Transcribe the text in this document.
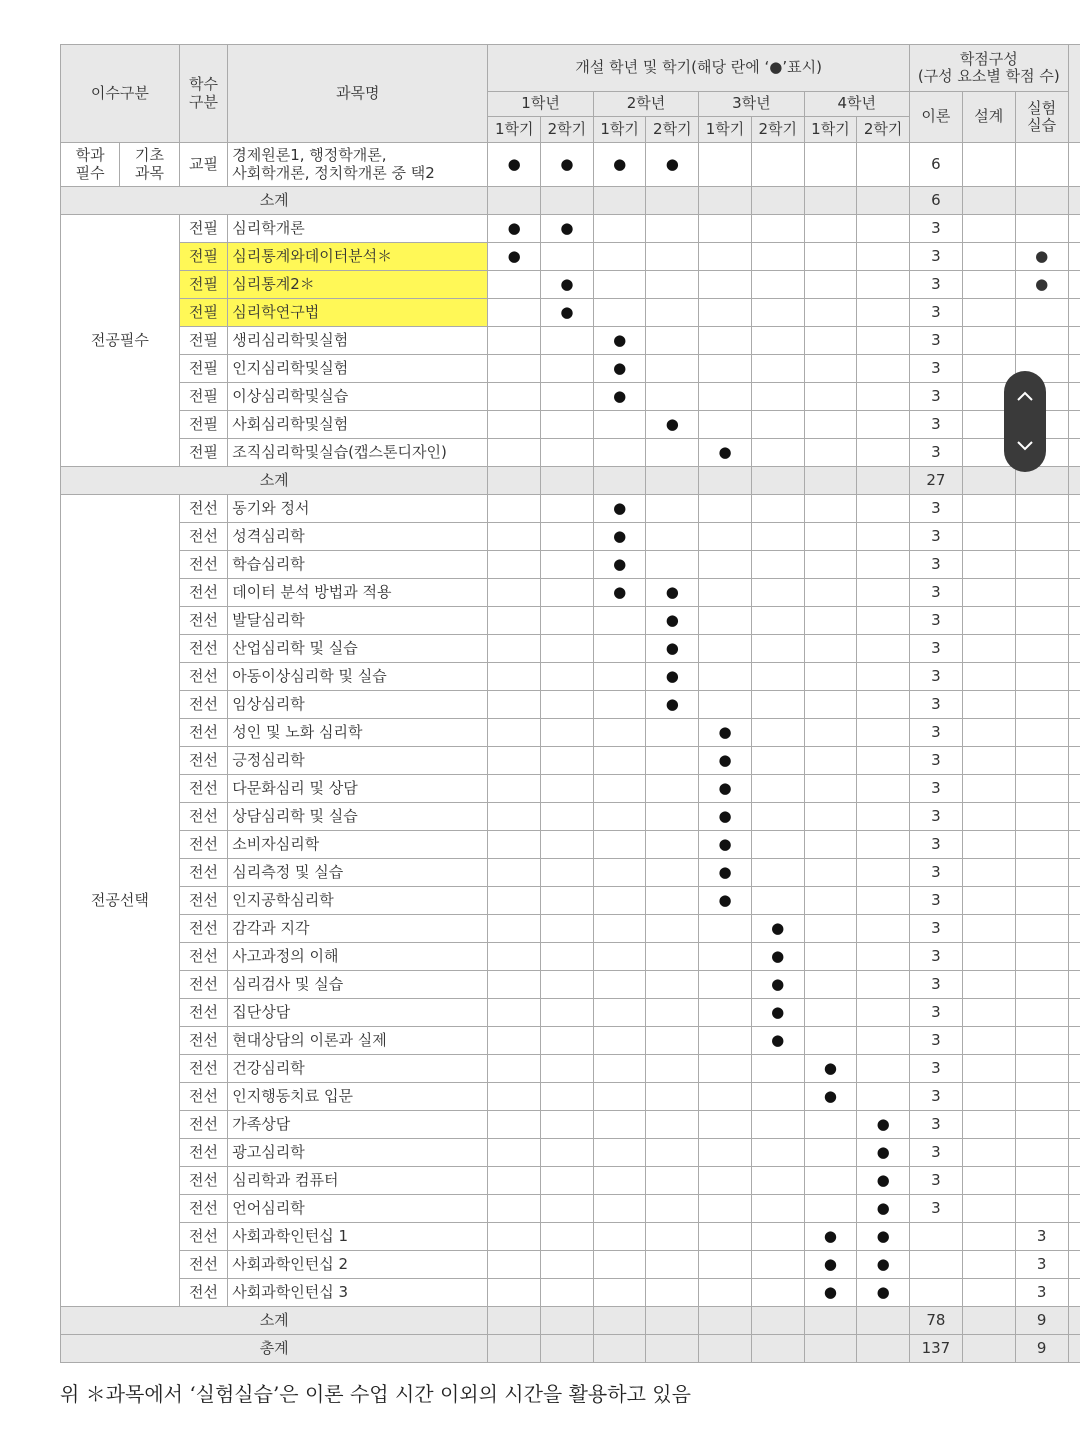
이수구분		학수
구분	과목명	개설 학년 및 학기(해당 란에 ‘●’표시)								학점구성
(구성 요소별 학점 수)			
				1학년		2학년		3학년		4학년		이론	설계	실험
실습	
				1학기	2학기	1학기	2학기	1학기	2학기	1학기	2학기				
학과
필수	기초
과목	교필	경제원론1, 행정학개론,
사회학개론, 정치학개론 중 택2	●	●	●	●					6			
소계												6			
전공필수		전필	심리학개론	●	●							3			
		전필	심리통계와데이터분석＊	●								3		●	
		전필	심리통계2＊		●							3		●	
		전필	심리학연구법		●							3			
		전필	생리심리학및실험			●						3			
		전필	인지심리학및실험			●						3			
		전필	이상심리학및실습			●						3			
		전필	사회심리학및실험				●					3			
		전필	조직심리학및실습(캡스톤디자인)					●				3			
소계												27			
전공선택		전선	동기와 정서			●						3			
		전선	성격심리학			●						3			
		전선	학습심리학			●						3			
		전선	데이터 분석 방법과 적용			●	●					3			
		전선	발달심리학				●					3			
		전선	산업심리학 및 실습				●					3			
		전선	아동이상심리학 및 실습				●					3			
		전선	임상심리학				●					3			
		전선	성인 및 노화 심리학					●				3			
		전선	긍정심리학					●				3			
		전선	다문화심리 및 상담					●				3			
		전선	상담심리학 및 실습					●				3			
		전선	소비자심리학					●				3			
		전선	심리측정 및 실습					●				3			
		전선	인지공학심리학					●				3			
		전선	감각과 지각						●			3			
		전선	사고과정의 이해						●			3			
		전선	심리검사 및 실습						●			3			
		전선	집단상담						●			3			
		전선	현대상담의 이론과 실제						●			3			
		전선	건강심리학							●		3			
		전선	인지행동치료 입문							●		3			
		전선	가족상담								●	3			
		전선	광고심리학								●	3			
		전선	심리학과 컴퓨터								●	3			
		전선	언어심리학								●	3			
		전선	사회과학인턴십 1							●	●			3	
		전선	사회과학인턴십 2							●	●			3	
		전선	사회과학인턴십 3							●	●			3	
소계												78		9	
총계												137		9	
위 ＊과목에서 ‘실험실습’은 이론 수업 시간 이외의 시간을 활용하고 있음
